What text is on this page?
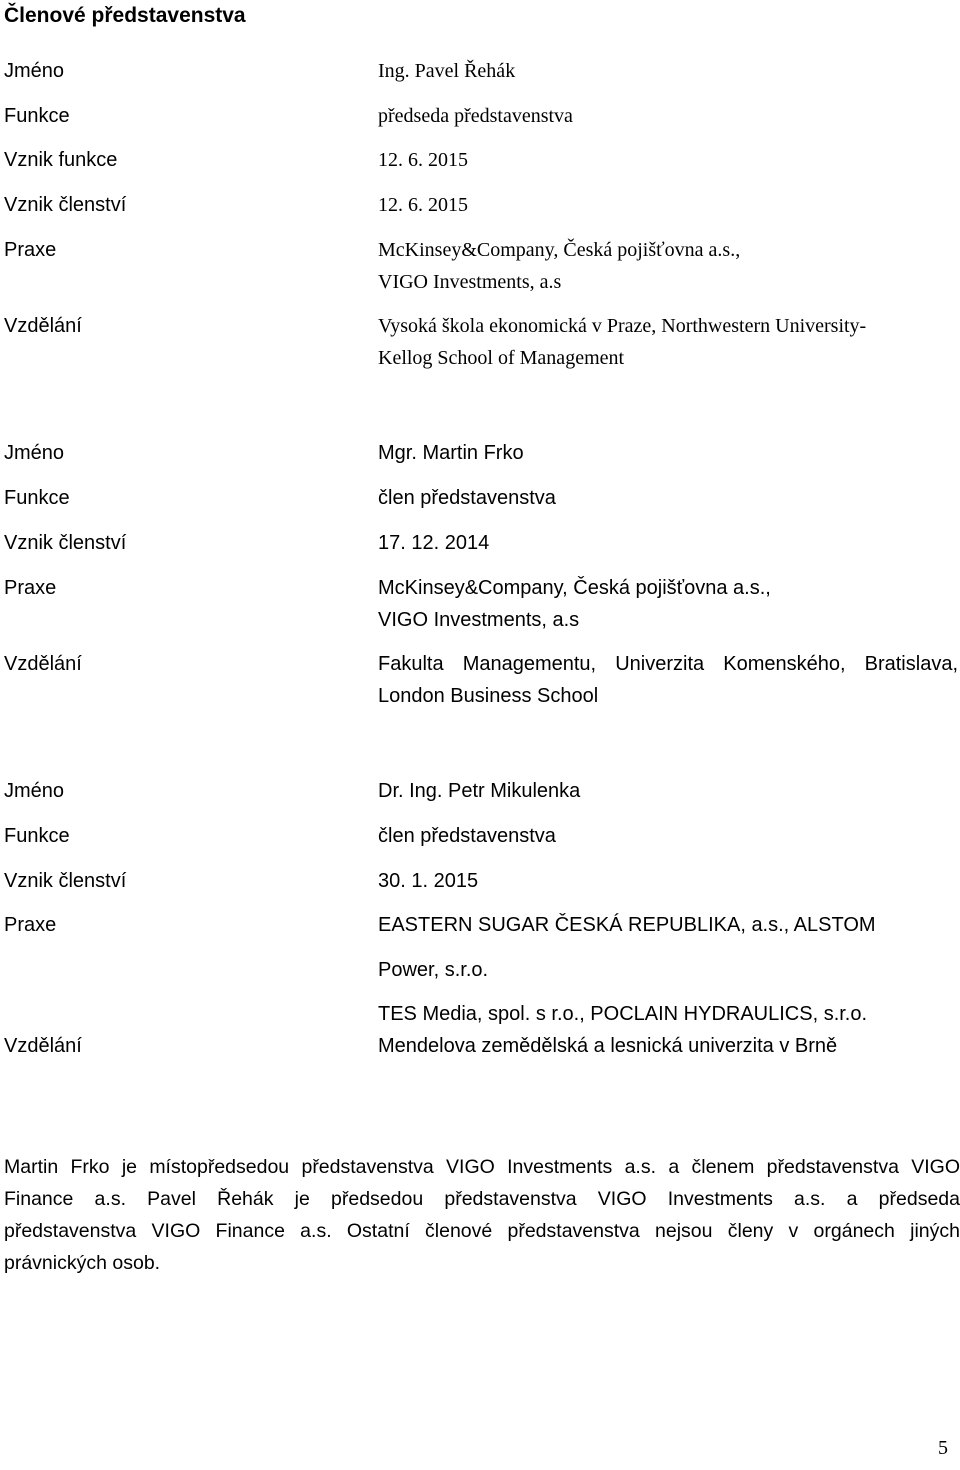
Členové představenstva
Jméno	Ing. Pavel Řehák
Funkce	předseda představenstva
Vznik funkce	12. 6. 2015
Vznik členství	12. 6. 2015
Praxe	McKinsey&Company, Česká pojišťovna a.s.,
VIGO Investments, a.s
Vzdělání	Vysoká škola ekonomická v Praze, Northwestern University-
Kellog School of Management
Jméno	Mgr. Martin Frko
Funkce	člen představenstva
Vznik členství	17. 12. 2014
Praxe	McKinsey&Company, Česká pojišťovna a.s.,
VIGO Investments, a.s
Vzdělání	Fakulta Managementu, Univerzita Komenského, Bratislava,
London Business School
Jméno	Dr. Ing. Petr Mikulenka
Funkce	člen představenstva
Vznik členství	30. 1. 2015
Praxe	EASTERN SUGAR ČESKÁ REPUBLIKA, a.s., ALSTOM
Power, s.r.o.
TES Media, spol. s r.o., POCLAIN HYDRAULICS, s.r.o.
Vzdělání	Mendelova zemědělská a lesnická univerzita v Brně
Martin Frko je místopředsedou představenstva VIGO Investments a.s. a členem představenstva VIGO
Finance a.s. Pavel Řehák je předsedou představenstva VIGO Investments a.s. a předseda
představenstva VIGO Finance a.s. Ostatní členové představenstva nejsou členy v orgánech jiných
právnických osob.
5
